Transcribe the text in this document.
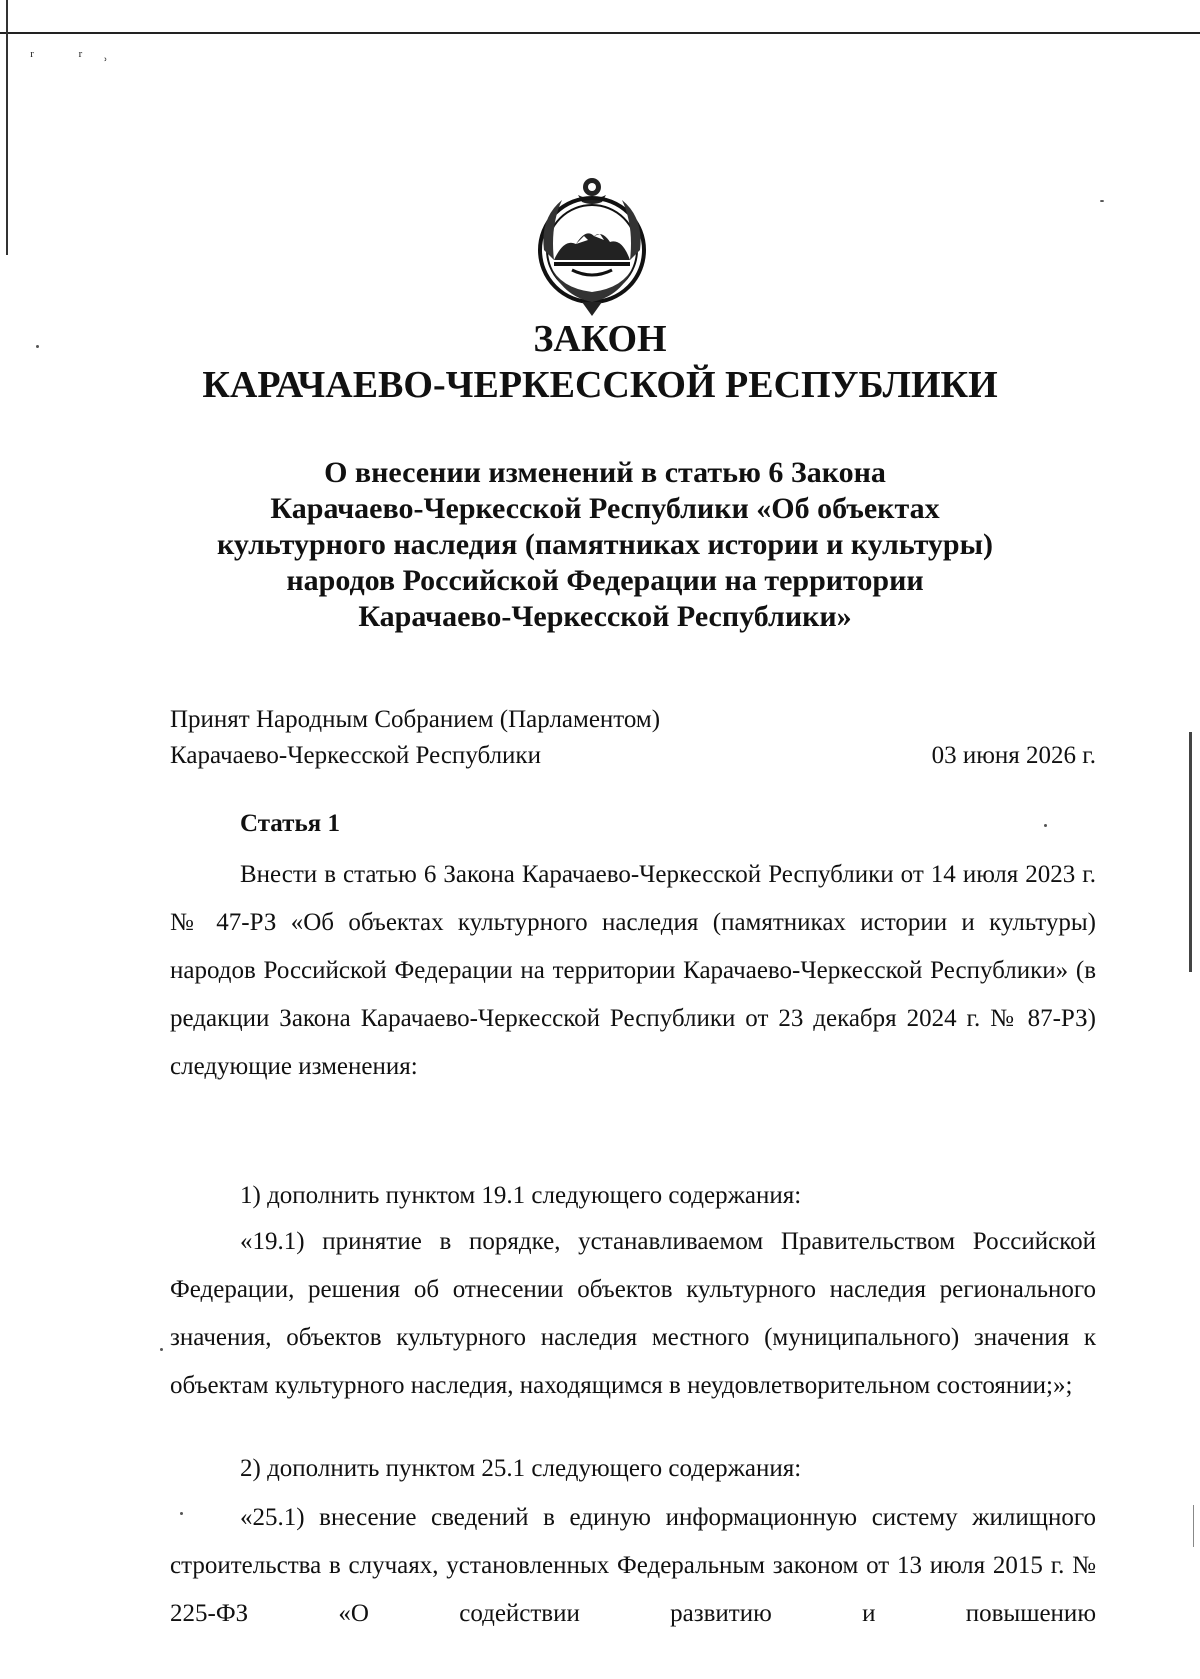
ʳ ʳ˒
ЗАКОН
КАРАЧАЕВО-ЧЕРКЕССКОЙ РЕСПУБЛИКИ
О внесении изменений в статью 6 Закона
Карачаево-Черкесской Республики «Об объектах
культурного наследия (памятниках истории и культуры)
народов Российской Федерации на территории
Карачаево-Черкесской Республики»
Принят Народным Собранием (Парламентом)
Карачаево-Черкесской Республики	03 июня 2026 г.
Статья 1

Внести в статью 6 Закона Карачаево-Черкесской Республики от 14 июля 2023 г. № 47-РЗ «Об объектах культурного наследия (памятниках истории и культуры) народов Российской Федерации на территории Карачаево-Черкесской Республики» (в редакции Закона Карачаево-Черкесской Республики от 23 декабря 2024 г. № 87-РЗ) следующие изменения:

1) дополнить пунктом 19.1 следующего содержания:

«19.1) принятие в порядке, устанавливаемом Правительством Российской Федерации, решения об отнесении объектов культурного наследия регионального значения, объектов культурного наследия местного (муниципального) значения к объектам культурного наследия, находящимся в неудовлетворительном состоянии;»;

2) дополнить пунктом 25.1 следующего содержания:

«25.1) внесение сведений в единую информационную систему жилищного строительства в случаях, установленных Федеральным законом от 13 июля 2015 г. № 225-ФЗ «О содействии развитию и повышению
